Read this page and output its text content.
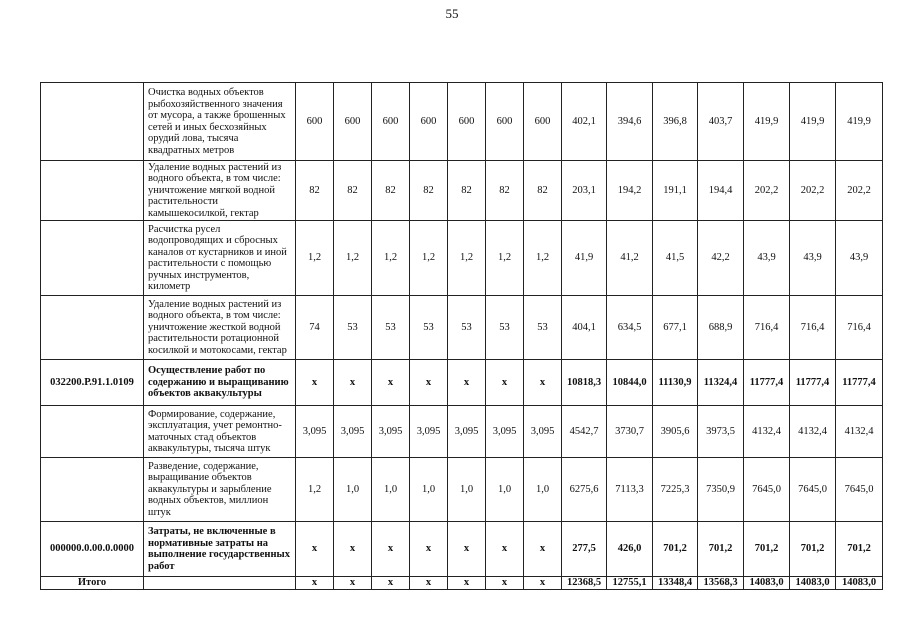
55
	Очистка водных объектов рыбохозяйственного значения от мусора, а также брошенных сетей и иных бесхозяйных орудий лова, тысяча квадратных метров	600	600	600	600	600	600	600	402,1	394,6	396,8	403,7	419,9	419,9	419,9
	Удаление водных растений из водного объекта, в том числе: уничтожение мягкой водной растительности камышекосилкой, гектар	82	82	82	82	82	82	82	203,1	194,2	191,1	194,4	202,2	202,2	202,2
	Расчистка русел водопроводящих и сбросных каналов от кустарников и иной растительности с помощью ручных инструментов, километр	1,2	1,2	1,2	1,2	1,2	1,2	1,2	41,9	41,2	41,5	42,2	43,9	43,9	43,9
	Удаление водных растений из водного объекта, в том числе: уничтожение жесткой водной растительности ротационной косилкой и мотокосами, гектар	74	53	53	53	53	53	53	404,1	634,5	677,1	688,9	716,4	716,4	716,4
032200.Р.91.1.0109	Осуществление работ по содержанию и выращиванию объектов аквакультуры	х	х	х	х	х	х	х	10818,3	10844,0	11130,9	11324,4	11777,4	11777,4	11777,4
	Формирование, содержание, эксплуатация, учет ремонтно-маточных стад объектов аквакультуры, тысяча штук	3,095	3,095	3,095	3,095	3,095	3,095	3,095	4542,7	3730,7	3905,6	3973,5	4132,4	4132,4	4132,4
	Разведение, содержание, выращивание объектов аквакультуры и зарыбление водных объектов, миллион штук	1,2	1,0	1,0	1,0	1,0	1,0	1,0	6275,6	7113,3	7225,3	7350,9	7645,0	7645,0	7645,0
000000.0.00.0.0000	Затраты, не включенные в нормативные затраты на выполнение государственных работ	х	х	х	х	х	х	х	277,5	426,0	701,2	701,2	701,2	701,2	701,2
Итого		х	х	х	х	х	х	х	12368,5	12755,1	13348,4	13568,3	14083,0	14083,0	14083,0
